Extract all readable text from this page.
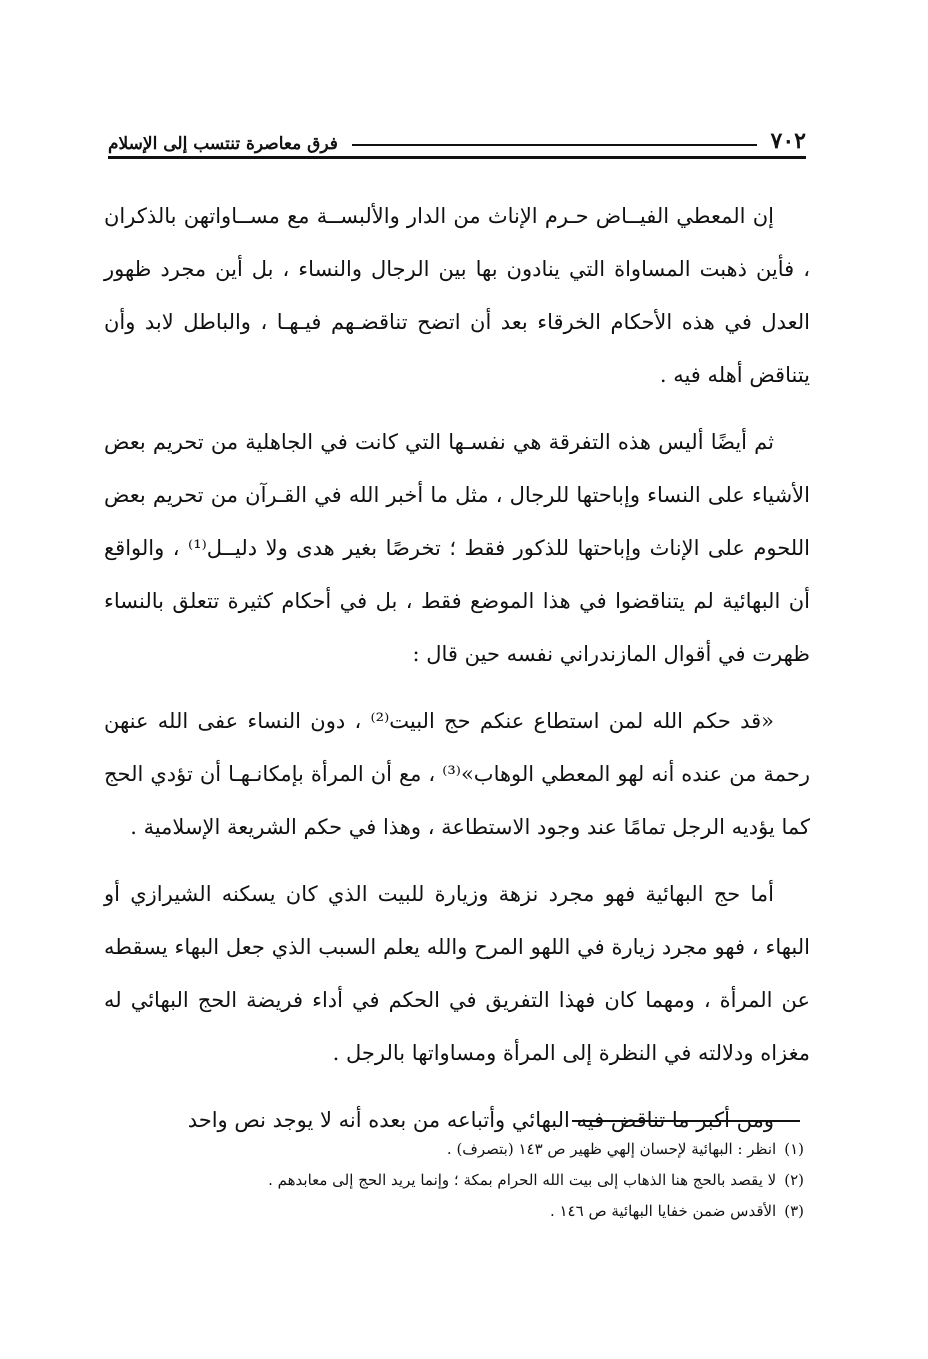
٧٠٢
فرق معاصرة تنتسب إلى الإسلام

إن المعطي الفيــاض حـرم الإناث من الدار والألبســة مع مســاواتهن بالذكران ، فأين ذهبت المساواة التي ينادون بها بين الرجال والنساء ، بل أين مجرد ظهور العدل في هذه الأحكام الخرقاء بعد أن اتضح تناقضـهم فيـهـا ، والباطل لابد وأن يتناقض أهله فيه .

ثم أيضًا أليس هذه التفرقة هي نفسـها التي كانت في الجاهلية من تحريم بعض الأشياء على النساء وإباحتها للرجال ، مثل ما أخبر الله في القـرآن من تحريم بعض اللحوم على الإناث وإباحتها للذكور فقط ؛ تخرصًا بغير هدى ولا دليــل⁽¹⁾ ، والواقع أن البهائية لم يتناقضوا في هذا الموضع فقط ، بل في أحكام كثيرة تتعلق بالنساء ظهرت في أقوال المازندراني نفسه حين قال :

«قد حكم الله لمن استطاع عنكم حج البيت⁽²⁾ ، دون النساء عفى الله عنهن رحمة من عنده أنه لهو المعطي الوهاب»⁽³⁾ ، مع أن المرأة بإمكانـهـا أن تؤدي الحج كما يؤديه الرجل تمامًا عند وجود الاستطاعة ، وهذا في حكم الشريعة الإسلامية .

أما حج البهائية فهو مجرد نزهة وزيارة للبيت الذي كان يسكنه الشيرازي أو البهاء ، فهو مجرد زيارة في اللهو المرح والله يعلم السبب الذي جعل البهاء يسقطه عن المرأة ، ومهما كان فهذا التفريق في الحكم في أداء فريضة الحج البهائي له مغزاه ودلالته في النظرة إلى المرأة ومساواتها بالرجل .

ومن أكبر ما تناقض فيه البهائي وأتباعه من بعده أنه لا يوجد نص واحد

(١)
انظر : البهائية لإحسان إلهي ظهير ص ١٤٣ (بتصرف) .
(٢)
لا يقصد بالحج هنا الذهاب إلى بيت الله الحرام بمكة ؛ وإنما يريد الحج إلى معابدهم .
(٣)
الأقدس ضمن خفايا البهائية ص ١٤٦ .
